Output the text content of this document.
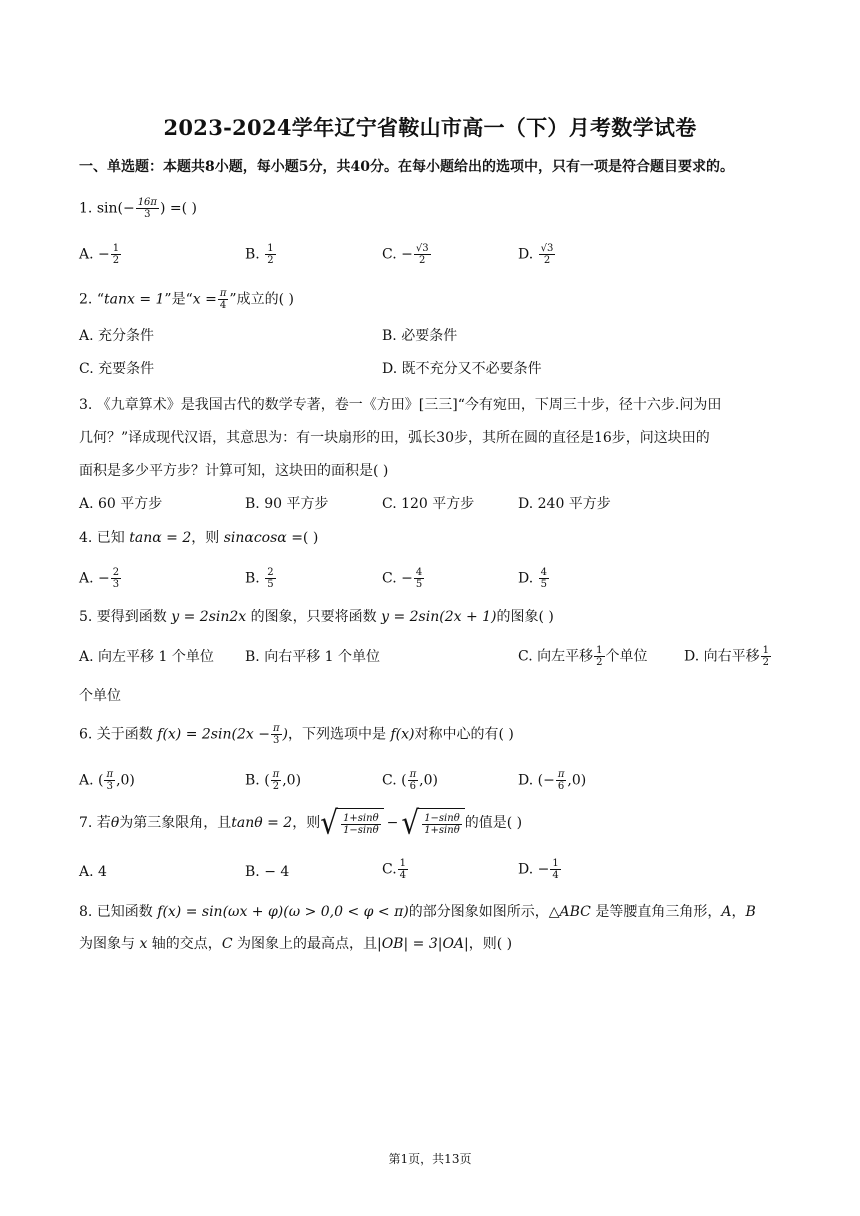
2023-2024学年辽宁省鞍山市高一（下）月考数学试卷
一、单选题：本题共8小题，每小题5分，共40分。在每小题给出的选项中，只有一项是符合题目要求的。
1. $\sin(- \frac{16\pi}{3}$ ) =( )
A. − $\frac{1}{2}$	B. $\frac{1}{2}$	C. − $\frac{√3}{2}$	D. $\frac{√3}{2}$
2. “tanx = 1”是“$x = \frac{\pi}{4}$ ”成立的( )
A. 充分条件	B. 必要条件
C. 充要条件	D. 既不充分又不必要条件
3. 《九章算术》是我国古代的数学专著，卷一《方田》[三三]“今有宛田，下周三十步，径十六步.问为田
几何？”译成现代汉语，其意思为：有一块扇形的田，弧长30步，其所在圆的直径是16步，问这块田的
面积是多少平方步？计算可知，这块田的面积是( )
A. 60 平方步	B. 90 平方步	C. 120 平方步	D. 240 平方步
4. 已知 tanα = 2，则 sinαcosα =( )
A. − $\frac{2}{3}$	B. $\frac{2}{5}$	C. − $\frac{4}{5}$	D. $\frac{4}{5}$
5. 要得到函数 y = 2sin2x 的图象，只要将函数 y = 2sin(2x + 1)的图象( )
A. 向左平移 1 个单位 B. 向右平移 1 个单位	C. 向左平移 $\frac{1}{2}$ 个单位	D. 向右平移 $\frac{1}{2}$
个单位
6. 关于函数 $f(x) = 2\sin(2x - \frac{\pi}{3}$ )，下列选项中是 f(x)对称中心的有( )
A. ( $\frac{\pi}{3} ,0$)	B. ( $\frac{\pi}{2} ,0$)	C. ( $\frac{\pi}{6} ,0$)	D. (− $\frac{\pi}{6} ,0$)
7. 若 θ 为第三象限角，且 tanθ = 2 ，则 √ $\frac{1+\sin\theta}{1-\sin\theta}$ − √ $\frac{1-\sin\theta}{1+\sin\theta}$ 的值是( )
A. 4	B. − 4	C. $\frac{1}{4}$	D. − $\frac{1}{4}$
8. 已知函数 f(x) = sin(ωx + φ)(ω > 0,0 < φ < π)的部分图象如图所示，△ABC 是等腰直角三角形，A，B
为图象与 x 轴的交点，C 为图象上的最高点，且|OB| = 3|OA|，则( )
第1页，共13页
